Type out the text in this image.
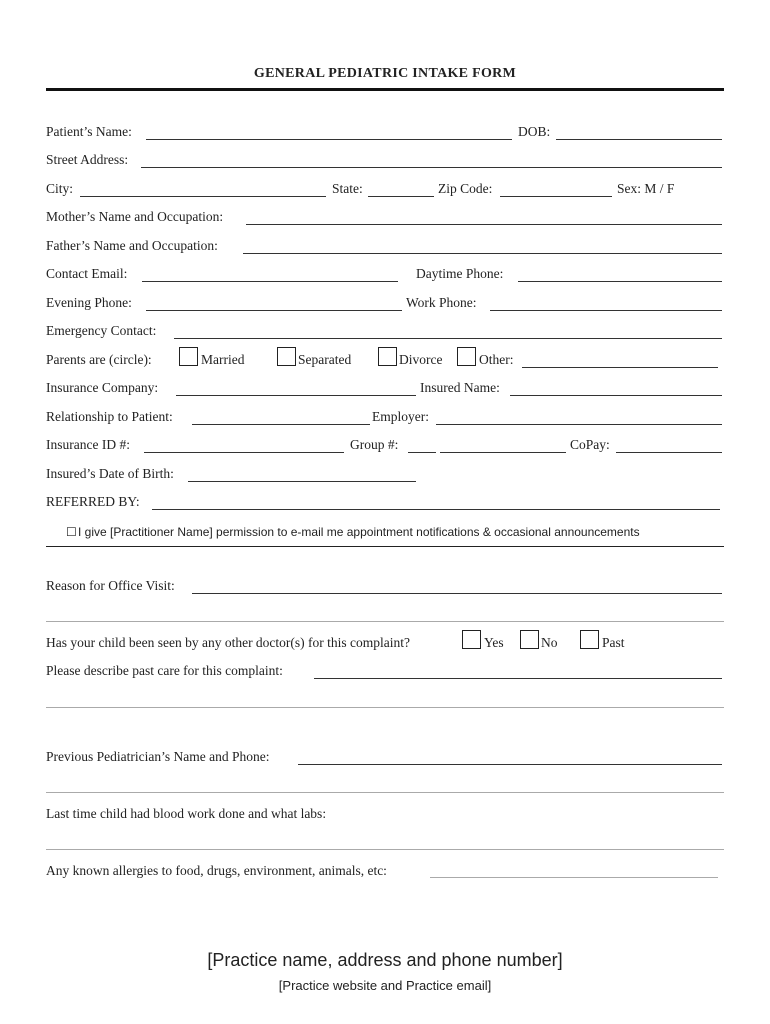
GENERAL PEDIATRIC INTAKE FORM
Patient’s Name:	DOB:
Street Address:
City:	State:	Zip Code:	Sex: M / F
Mother’s Name and Occupation:
Father’s Name and Occupation:
Contact Email:	Daytime Phone:
Evening Phone:	Work Phone:
Emergency Contact:
Parents are (circle):	Married	Separated	Divorce	Other:
Insurance Company:	Insured Name:
Relationship to Patient:	Employer:
Insurance ID #:	Group #:	CoPay:
Insured’s Date of Birth:
REFERRED BY:
☐ I give [Practitioner Name] permission to e-mail me appointment notifications & occasional announcements
Reason for Office Visit:
Has your child been seen by any other doctor(s) for this complaint?	Yes	No	Past
Please describe past care for this complaint:
Previous Pediatrician’s Name and Phone:
Last time child had blood work done and what labs:
Any known allergies to food, drugs, environment, animals, etc:
[Practice name, address and phone number]
[Practice website and Practice email]
